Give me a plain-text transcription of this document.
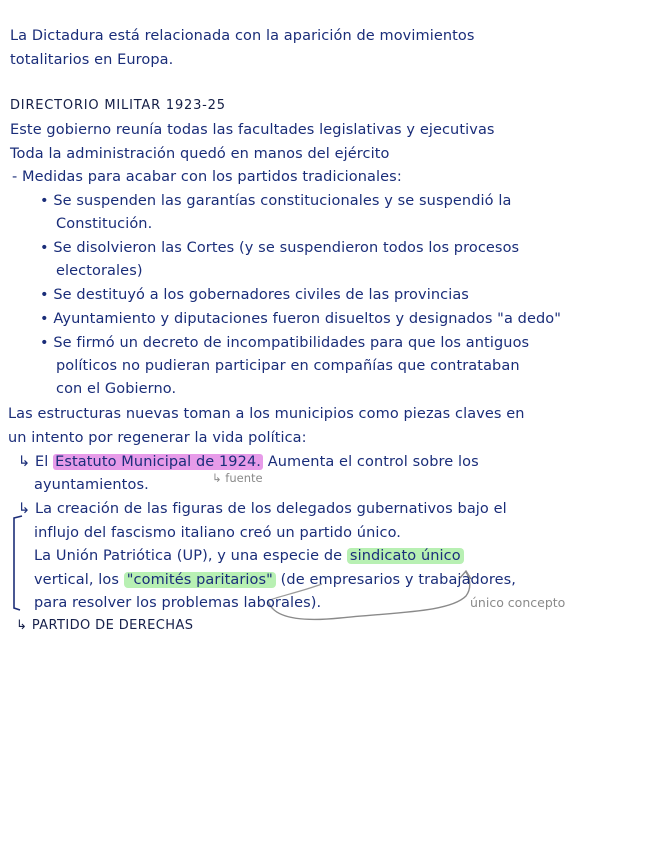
La Dictadura está relacionada con la aparición de movimientos
totalitarios en Europa.
DIRECTORIO MILITAR 1923-25
Este gobierno reunía todas las facultades legislativas y ejecutivas
Toda la administración quedó en manos del ejército
- Medidas para acabar con los partidos tradicionales:
• Se suspenden las garantías constitucionales y se suspendió la
Constitución.
• Se disolvieron las Cortes (y se suspendieron todos los procesos
electorales)
• Se destituyó a los gobernadores civiles de las provincias
• Ayuntamiento y diputaciones fueron disueltos y designados "a dedo"
• Se firmó un decreto de incompatibilidades para que los antiguos
políticos no pudieran participar en compañías que contrataban
con el Gobierno.
Las estructuras nuevas toman a los municipios como piezas claves en
un intento por regenerar la vida política:
↳ El Estatuto Municipal de 1924. Aumenta el control sobre los
ayuntamientos.	↳ fuente
↳ La creación de las figuras de los delegados gubernativos bajo el
influjo del fascismo italiano creó un partido único.
La Unión Patriótica (UP), y una especie de sindicato único
vertical, los "comités paritarios" (de empresarios y trabajadores,
para resolver los problemas laborales).	único concepto
↳ PARTIDO DE DERECHAS
